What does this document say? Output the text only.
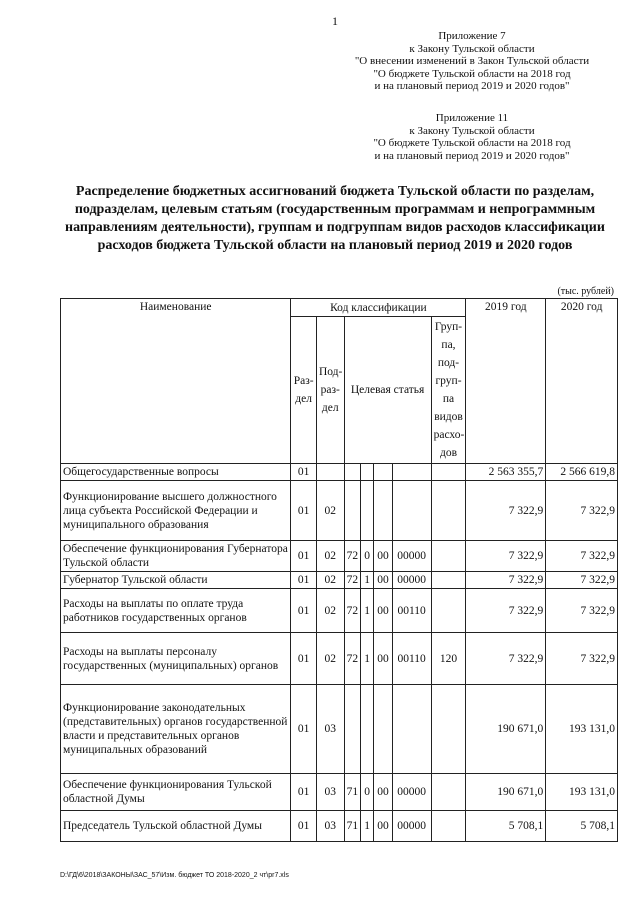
1
Приложение 7
к Закону Тульской области
"О внесении изменений в Закон Тульской области
"О бюджете Тульской области на 2018 год
и на плановый период 2019 и 2020 годов"
Приложение 11
к Закону Тульской области
"О бюджете Тульской области на 2018 год
и на плановый период 2019 и 2020 годов"
Распределение бюджетных ассигнований бюджета Тульской области по разделам, подразделам, целевым статьям (государственным программам и непрограммным направлениям деятельности), группам и подгруппам видов расходов классификации расходов бюджета Тульской области на плановый период 2019 и 2020 годов
(тыс. рублей)
Наименование	Код классификации							2019 год	2020 год
	Раз-дел	Под-раз-дел	Целевая статья				Груп-па, под-груп-па видов расхо-дов		
Общегосударственные вопросы	01							2 563 355,7	2 566 619,8
Функционирование высшего должностного лица субъекта Российской Федерации и муниципального образования	01	02						7 322,9	7 322,9
Обеспечение функционирования Губернатора Тульской области	01	02	72	0	00	00000		7 322,9	7 322,9
Губернатор Тульской области	01	02	72	1	00	00000		7 322,9	7 322,9
Расходы на выплаты по оплате труда работников государственных органов	01	02	72	1	00	00110		7 322,9	7 322,9
Расходы на выплаты персоналу государственных (муниципальных) органов	01	02	72	1	00	00110	120	7 322,9	7 322,9
Функционирование законодательных (представительных) органов государственной власти и представительных органов муниципальных образований	01	03						190 671,0	193 131,0
Обеспечение функционирования Тульской областной Думы	01	03	71	0	00	00000		190 671,0	193 131,0
Председатель Тульской областной Думы	01	03	71	1	00	00000		5 708,1	5 708,1
D:\ГД\6\2018\ЗАКОНЫ\ЗАС_57\Изм. бюджет ТО 2018-2020_2 чт\pr7.xls
